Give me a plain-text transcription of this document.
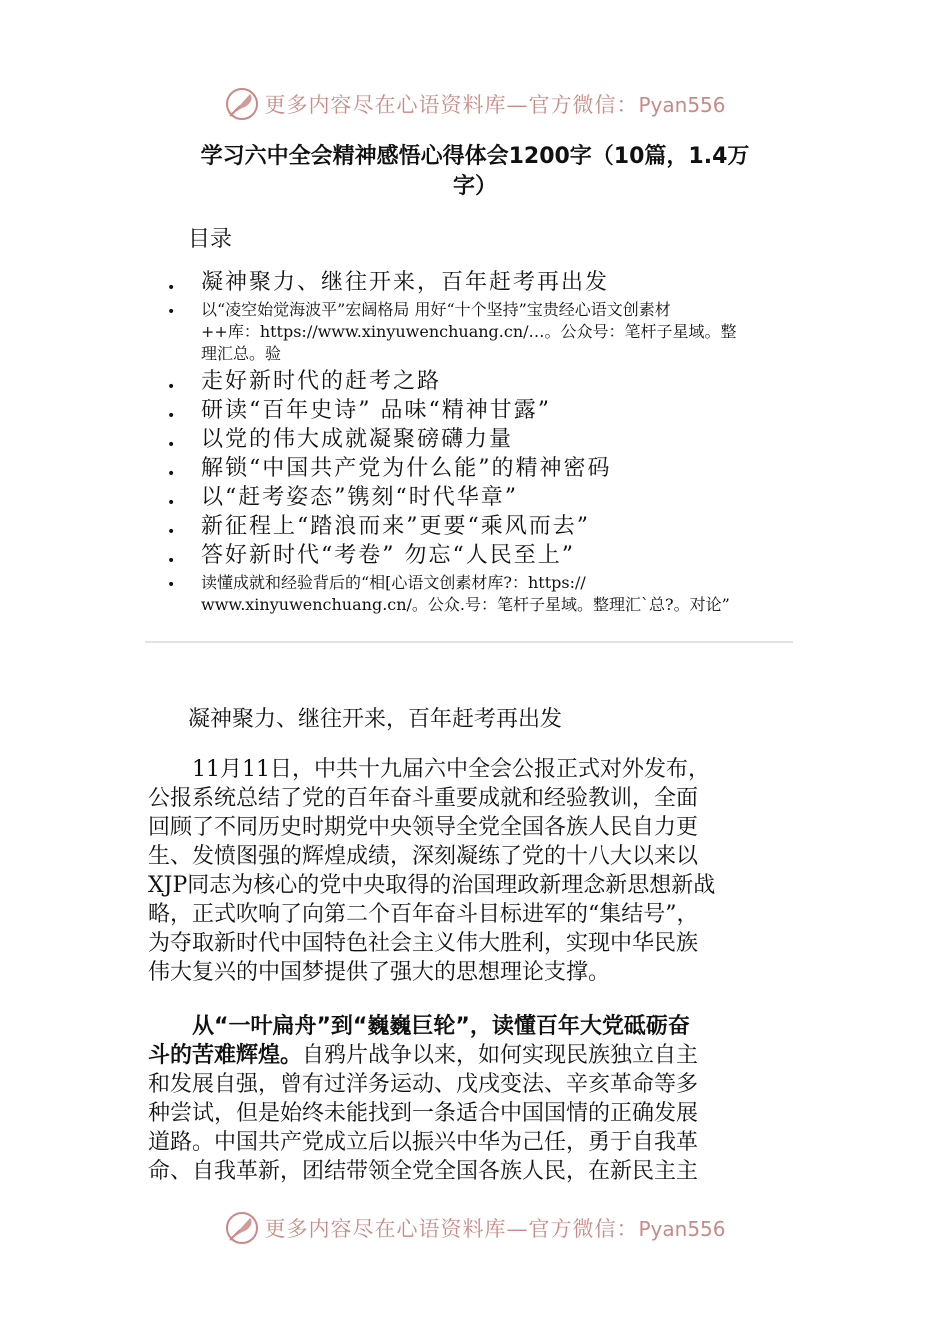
更多内容尽在心语资料库—官方微信：Pyan556
学习六中全会精神感悟心得体会1200字（10篇，1.4万
字）
目录
• 凝神聚力、继往开来，百年赶考再出发
• 以“凌空始觉海波平”宏阔格局 用好“十个坚持”宝贵经心语文创素材
++库：https://www.xinyuwenchuang.cn/…。公众号：笔杆子星域。整
理汇总。验
• 走好新时代的赶考之路
• 研读“百年史诗” 品味“精神甘露”
• 以党的伟大成就凝聚磅礴力量
• 解锁“中国共产党为什么能”的精神密码
• 以“赶考姿态”镌刻“时代华章”
• 新征程上“踏浪而来”更要“乘风而去”
• 答好新时代“考卷” 勿忘“人民至上”
• 读懂成就和经验背后的“相[心语文创素材库?：https://
www.xinyuwenchuang.cn/。公众.号：笔杆子星域。整理汇`总?。对论”
凝神聚力、继往开来，百年赶考再出发
　　11月11日，中共十九届六中全会公报正式对外发布，
公报系统总结了党的百年奋斗重要成就和经验教训，全面
回顾了不同历史时期党中央领导全党全国各族人民自力更
生、发愤图强的辉煌成绩，深刻凝练了党的十八大以来以
XJP同志为核心的党中央取得的治国理政新理念新思想新战
略，正式吹响了向第二个百年奋斗目标进军的“集结号”，
为夺取新时代中国特色社会主义伟大胜利，实现中华民族
伟大复兴的中国梦提供了强大的思想理论支撑。
　　从“一叶扁舟”到“巍巍巨轮”，读懂百年大党砥砺奋
斗的苦难辉煌。自鸦片战争以来，如何实现民族独立自主
和发展自强，曾有过洋务运动、戊戌变法、辛亥革命等多
种尝试，但是始终未能找到一条适合中国国情的正确发展
道路。中国共产党成立后以振兴中华为己任，勇于自我革
命、自我革新，团结带领全党全国各族人民，在新民主主
更多内容尽在心语资料库—官方微信：Pyan556
